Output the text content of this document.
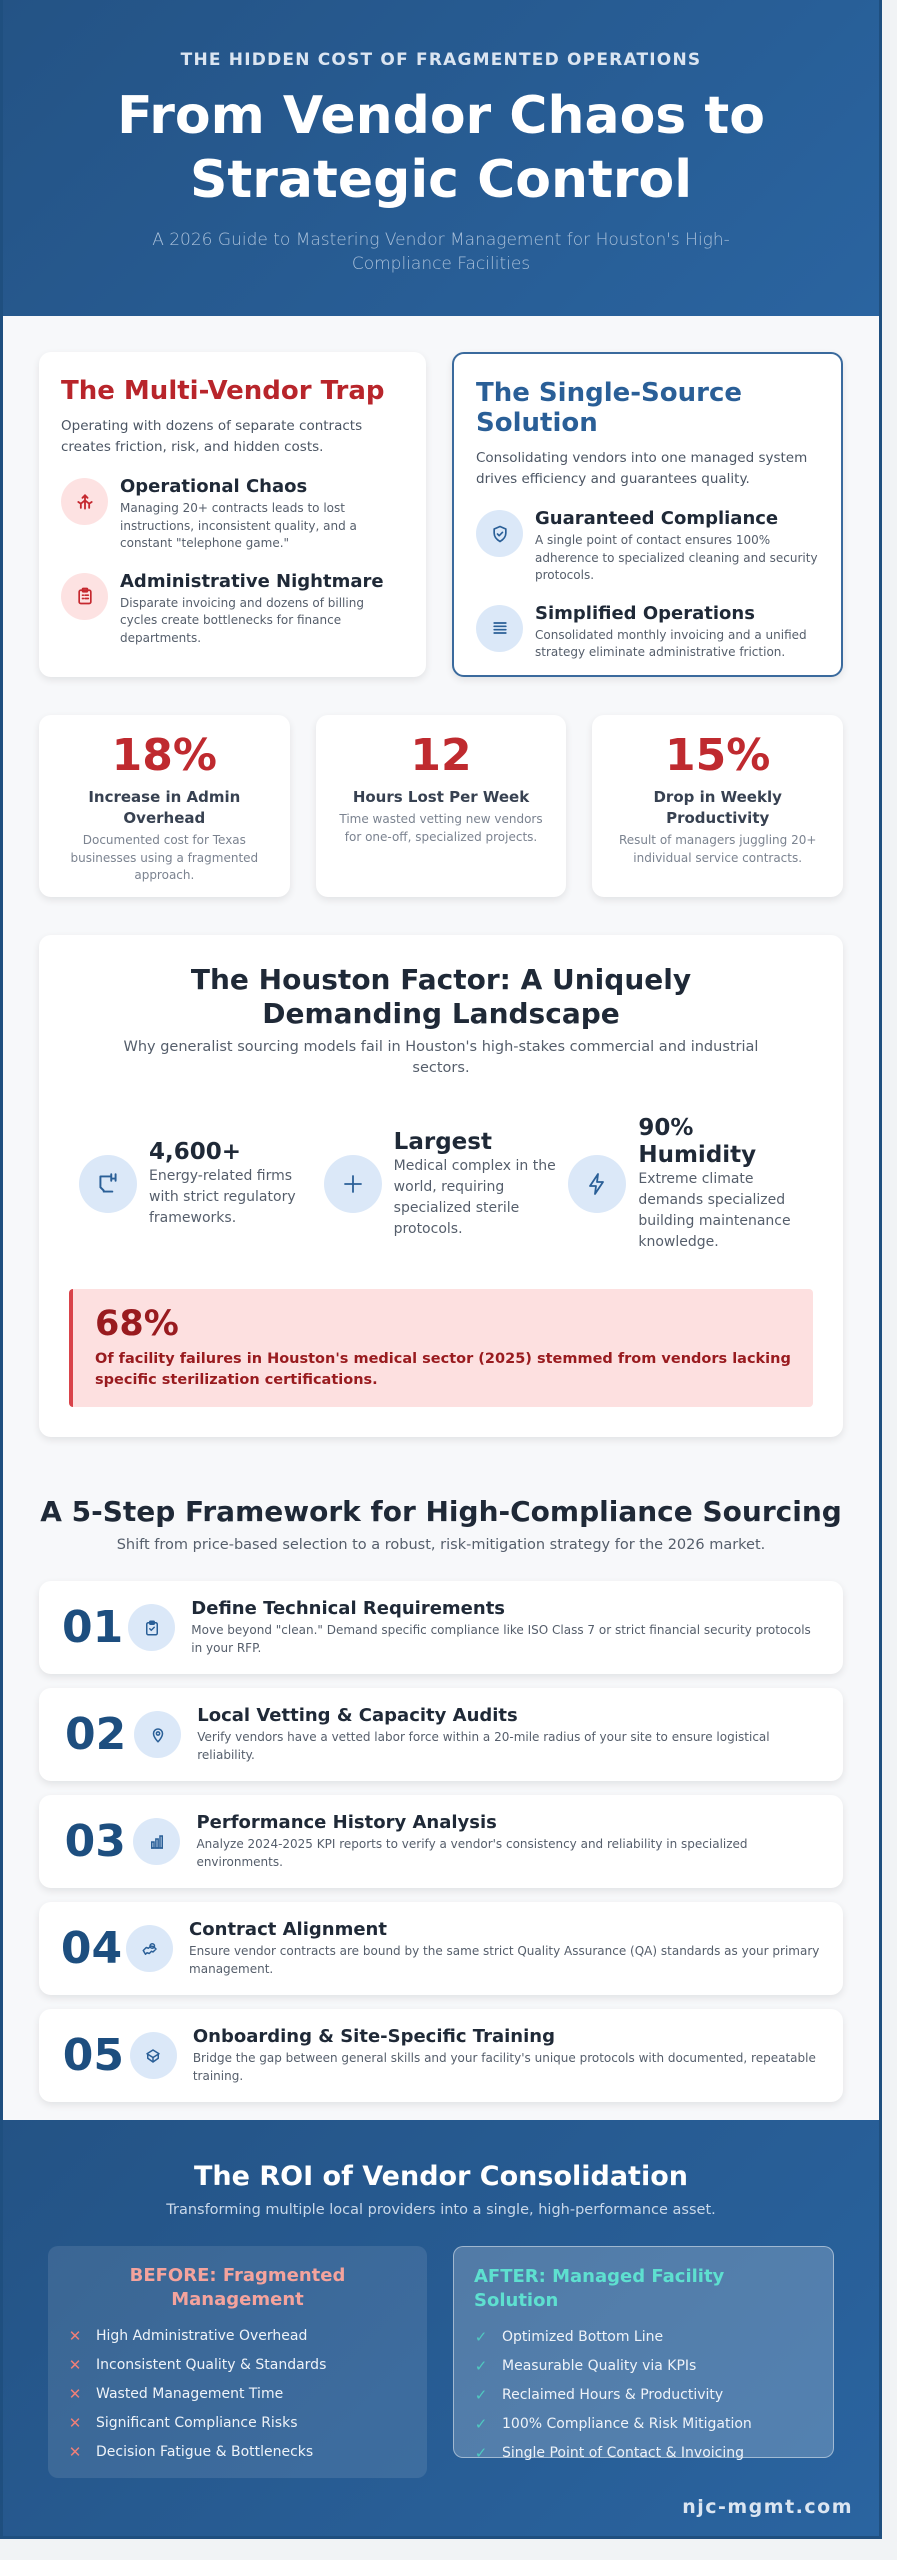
THE HIDDEN COST OF FRAGMENTED OPERATIONS
From Vendor Chaos to Strategic Control
A 2026 Guide to Mastering Vendor Management for Houston's High-Compliance Facilities
The Multi-Vendor Trap

Operating with dozens of separate contracts creates friction, risk, and hidden costs.

Operational Chaos

Managing 20+ contracts leads to lost instructions, inconsistent quality, and a constant "telephone game."

Administrative Nightmare

Disparate invoicing and dozens of billing cycles create bottlenecks for finance departments.

The Single-Source Solution

Consolidating vendors into one managed system drives efficiency and guarantees quality.

Guaranteed Compliance

A single point of contact ensures 100% adherence to specialized cleaning and security protocols.

Simplified Operations

Consolidated monthly invoicing and a unified strategy eliminate administrative friction.

18%
Increase in Admin Overhead
Documented cost for Texas businesses using a fragmented approach.
12
Hours Lost Per Week
Time wasted vetting new vendors for one-off, specialized projects.
15%
Drop in Weekly Productivity
Result of managers juggling 20+ individual service contracts.
The Houston Factor: A Uniquely Demanding Landscape

Why generalist sourcing models fail in Houston's high-stakes commercial and industrial sectors.

4,600+

Energy-related firms with strict regulatory frameworks.

Largest

Medical complex in the world, requiring specialized sterile protocols.

90% Humidity

Extreme climate demands specialized building maintenance knowledge.

68%

Of facility failures in Houston's medical sector (2025) stemmed from vendors lacking specific sterilization certifications.

A 5-Step Framework for High-Compliance Sourcing

Shift from price-based selection to a robust, risk-mitigation strategy for the 2026 market.

01	Define Technical Requirements

Move beyond "clean." Demand specific compliance like ISO Class 7 or strict financial security protocols in your RFP.

02	Local Vetting & Capacity Audits

Verify vendors have a vetted labor force within a 20-mile radius of your site to ensure logistical reliability.

03	Performance History Analysis

Analyze 2024-2025 KPI reports to verify a vendor's consistency and reliability in specialized environments.

04	Contract Alignment

Ensure vendor contracts are bound by the same strict Quality Assurance (QA) standards as your primary management.

05	Onboarding & Site-Specific Training

Bridge the gap between general skills and your facility's unique protocols with documented, repeatable training.

The ROI of Vendor Consolidation

Transforming multiple local providers into a single, high-performance asset.

BEFORE: Fragmented Management
✕ High Administrative Overhead
✕ Inconsistent Quality & Standards
✕ Wasted Management Time
✕ Significant Compliance Risks
✕ Decision Fatigue & Bottlenecks
AFTER: Managed Facility Solution
✓ Optimized Bottom Line
✓ Measurable Quality via KPIs
✓ Reclaimed Hours & Productivity
✓ 100% Compliance & Risk Mitigation
✓ Single Point of Contact & Invoicing
njc-mgmt.com
